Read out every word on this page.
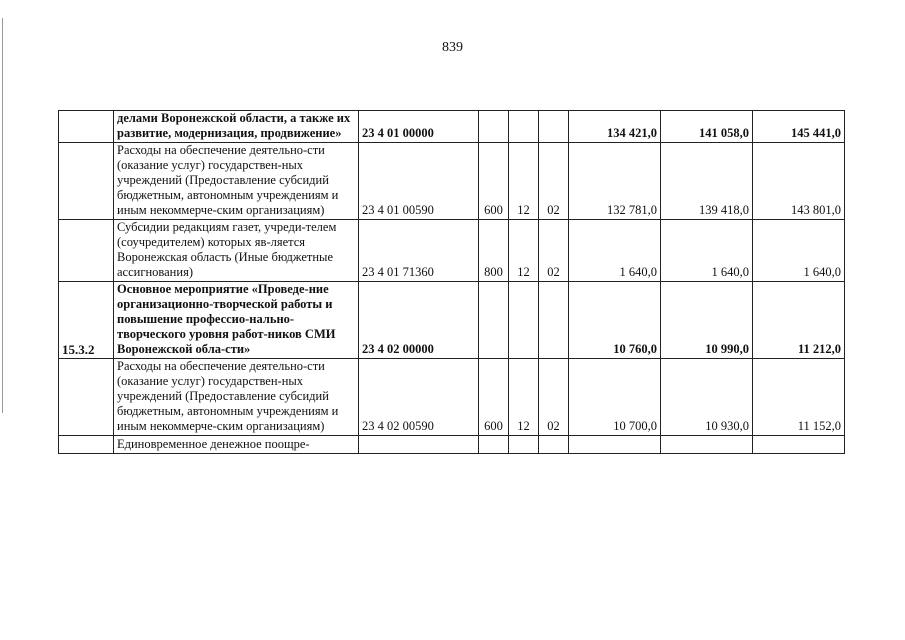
839
	делами Воронежской области, а также их развитие, модернизация, продвижение»	23 4 01 00000				134 421,0	141 058,0	145 441,0
	Расходы на обеспечение деятельно-сти (оказание услуг) государствен-ных учреждений (Предоставление субсидий бюджетным, автономным учреждениям и иным некоммерче-ским организациям)	23 4 01 00590	600	12	02	132 781,0	139 418,0	143 801,0
	Субсидии редакциям газет, учреди-телем (соучредителем) которых яв-ляется Воронежская область (Иные бюджетные ассигнования)	23 4 01 71360	800	12	02	1 640,0	1 640,0	1 640,0
15.3.2	Основное мероприятие «Проведе-ние организационно-творческой работы и повышение профессио-нально-творческого уровня работ-ников СМИ Воронежской обла-сти»	23 4 02 00000				10 760,0	10 990,0	11 212,0
	Расходы на обеспечение деятельно-сти (оказание услуг) государствен-ных учреждений (Предоставление субсидий бюджетным, автономным учреждениям и иным некоммерче-ским организациям)	23 4 02 00590	600	12	02	10 700,0	10 930,0	11 152,0
	Единовременное денежное поощре-							
